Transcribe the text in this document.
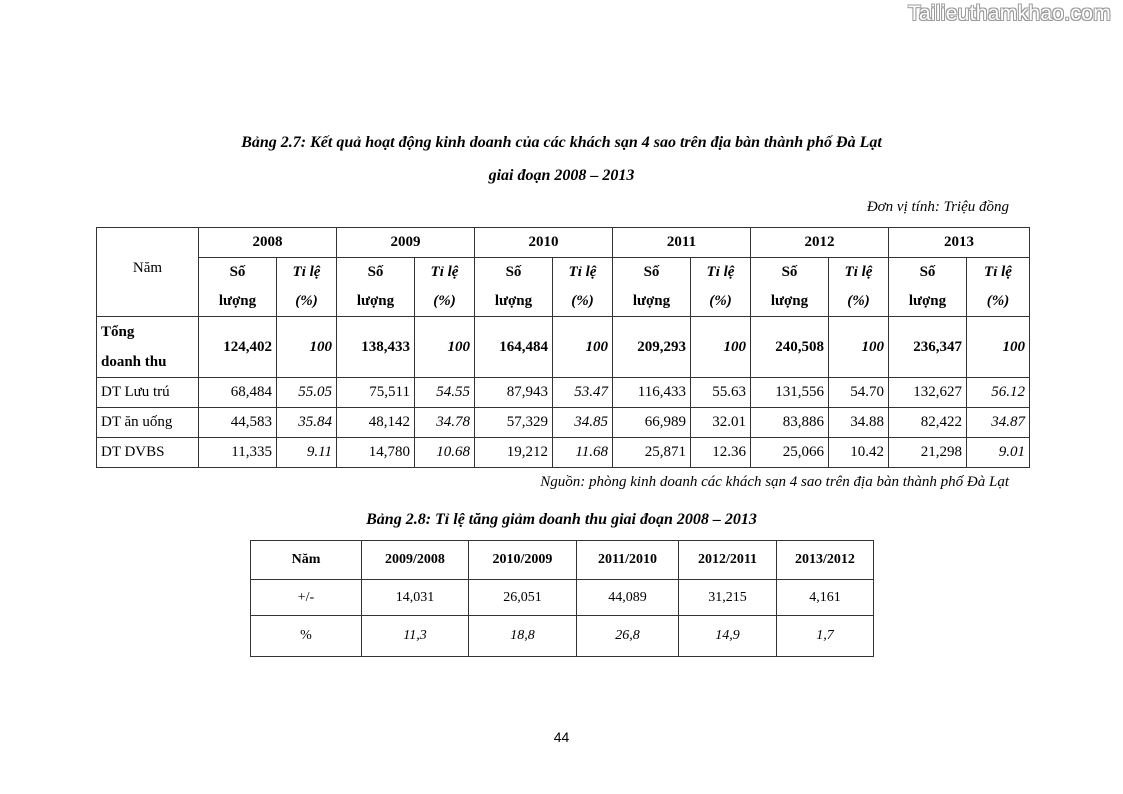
Tailieuthamkhao.com
Bảng 2.7: Kết quả hoạt động kinh doanh của các khách sạn 4 sao trên địa bàn thành phố Đà Lạt
giai đoạn 2008 – 2013
Đơn vị tính: Triệu đồng
Năm	2008		2009		2010		2011		2012		2013	
	Số	Tỉ lệ	Số	Tỉ lệ	Số	Tỉ lệ	Số	Tỉ lệ	Số	Tỉ lệ	Số	Tỉ lệ
	lượng	(%)	lượng	(%)	lượng	(%)	lượng	(%)	lượng	(%)	lượng	(%)

Tổng
doanh thu	124,402	100	138,433	100	164,484	100	209,293	100	240,508	100	236,347	100
DT Lưu trú	68,484	55.05	75,511	54.55	87,943	53.47	116,433	55.63	131,556	54.70	132,627	56.12
DT ăn uống	44,583	35.84	48,142	34.78	57,329	34.85	66,989	32.01	83,886	34.88	82,422	34.87
DT DVBS	11,335	9.11	14,780	10.68	19,212	11.68	25,871	12.36	25,066	10.42	21,298	9.01
Nguồn: phòng kinh doanh các khách sạn 4 sao trên địa bàn thành phố Đà Lạt
Bảng 2.8: Tỉ lệ tăng giảm doanh thu giai đoạn 2008 – 2013
Năm	2009/2008	2010/2009	2011/2010	2012/2011	2013/2012
+/-	14,031	26,051	44,089	31,215	4,161
%	11,3	18,8	26,8	14,9	1,7
44
